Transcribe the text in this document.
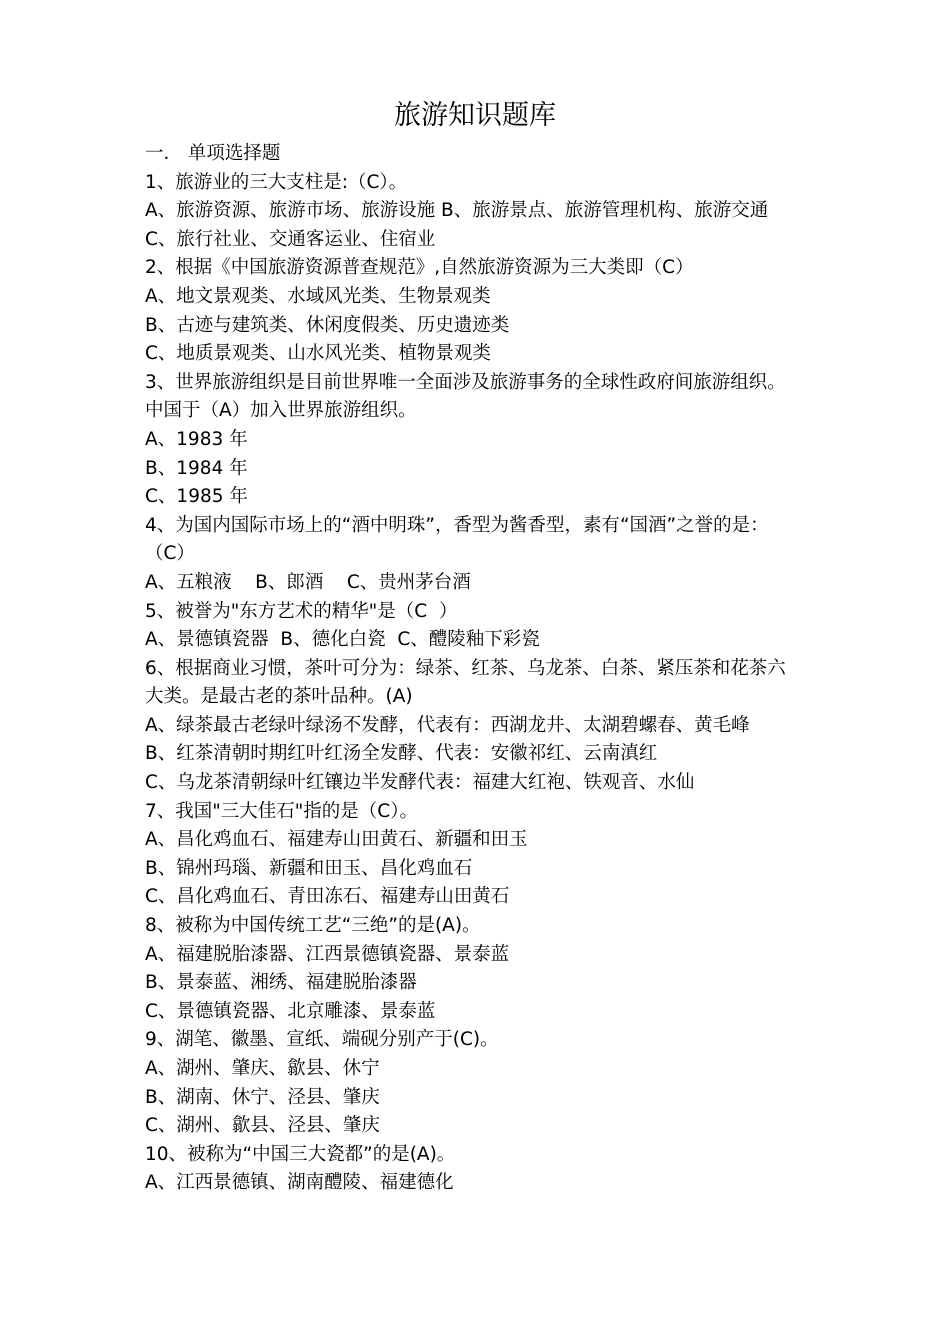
旅游知识题库
一． 单项选择题
1、旅游业的三大支柱是:（C）。
A、旅游资源、旅游市场、旅游设施 B、旅游景点、旅游管理机构、旅游交通
C、旅行社业、交通客运业、住宿业
2、根据《中国旅游资源普查规范》,自然旅游资源为三大类即（C）
A、地文景观类、水域风光类、生物景观类
B、古迹与建筑类、休闲度假类、历史遗迹类
C、地质景观类、山水风光类、植物景观类
3、世界旅游组织是目前世界唯一全面涉及旅游事务的全球性政府间旅游组织。
中国于（A）加入世界旅游组织。
A、1983 年
B、1984 年
C、1985 年
4、为国内国际市场上的“酒中明珠”，香型为酱香型，素有“国酒”之誉的是：
（C）
A、五粮液    B、郎酒    C、贵州茅台酒
5、被誉为"东方艺术的精华"是（C  ）
A、景德镇瓷器  B、德化白瓷  C、醴陵釉下彩瓷
6、根据商业习惯，茶叶可分为：绿茶、红茶、乌龙茶、白茶、紧压茶和花茶六
大类。是最古老的茶叶品种。(A)
A、绿茶最古老绿叶绿汤不发酵，代表有：西湖龙井、太湖碧螺春、黄毛峰
B、红茶清朝时期红叶红汤全发酵、代表：安徽祁红、云南滇红
C、乌龙茶清朝绿叶红镶边半发酵代表：福建大红袍、铁观音、水仙
7、我国"三大佳石"指的是（C）。
A、昌化鸡血石、福建寿山田黄石、新疆和田玉
B、锦州玛瑙、新疆和田玉、昌化鸡血石
C、昌化鸡血石、青田冻石、福建寿山田黄石
8、被称为中国传统工艺“三绝”的是(A)。
A、福建脱胎漆器、江西景德镇瓷器、景泰蓝
B、景泰蓝、湘绣、福建脱胎漆器
C、景德镇瓷器、北京雕漆、景泰蓝
9、湖笔、徽墨、宣纸、端砚分别产于(C)。
A、湖州、肇庆、歙县、休宁
B、湖南、休宁、泾县、肇庆
C、湖州、歙县、泾县、肇庆
10、被称为“中国三大瓷都”的是(A)。
A、江西景德镇、湖南醴陵、福建德化
